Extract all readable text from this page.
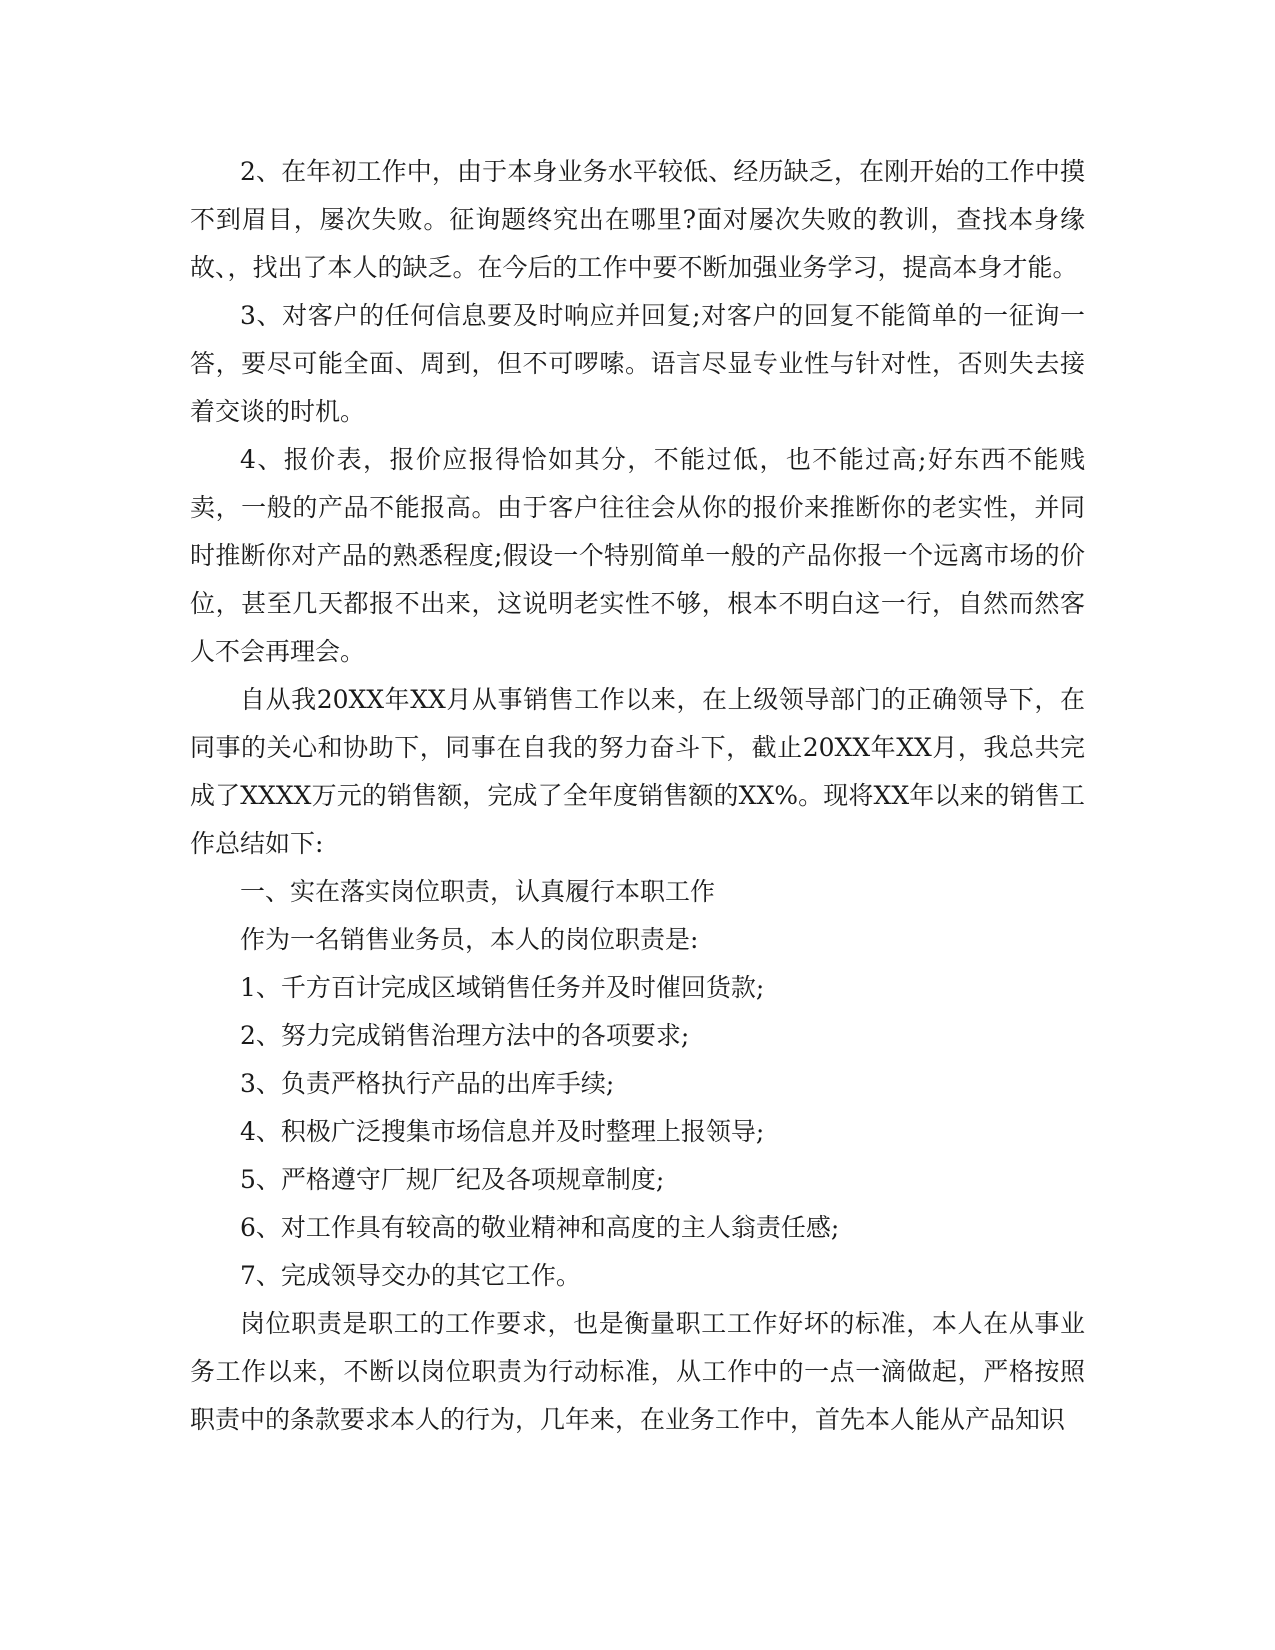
2、在年初工作中，由于本身业务水平较低、经历缺乏，在刚开始的工作中摸不到眉目，屡次失败。征询题终究出在哪里?面对屡次失败的教训，查找本身缘故、，找出了本人的缺乏。在今后的工作中要不断加强业务学习，提高本身才能。

3、对客户的任何信息要及时响应并回复;对客户的回复不能简单的一征询一答，要尽可能全面、周到，但不可啰嗦。语言尽显专业性与针对性，否则失去接着交谈的时机。

4、报价表，报价应报得恰如其分，不能过低，也不能过高;好东西不能贱卖，一般的产品不能报高。由于客户往往会从你的报价来推断你的老实性，并同时推断你对产品的熟悉程度;假设一个特别简单一般的产品你报一个远离市场的价位，甚至几天都报不出来，这说明老实性不够，根本不明白这一行，自然而然客人不会再理会。

自从我20XX年XX月从事销售工作以来，在上级领导部门的正确领导下，在同事的关心和协助下，同事在自我的努力奋斗下，截止20XX年XX月，我总共完成了XXXX万元的销售额，完成了全年度销售额的XX%。现将XX年以来的销售工作总结如下:

一、实在落实岗位职责，认真履行本职工作

作为一名销售业务员，本人的岗位职责是:

1、千方百计完成区域销售任务并及时催回货款;

2、努力完成销售治理方法中的各项要求;

3、负责严格执行产品的出库手续;

4、积极广泛搜集市场信息并及时整理上报领导;

5、严格遵守厂规厂纪及各项规章制度;

6、对工作具有较高的敬业精神和高度的主人翁责任感;

7、完成领导交办的其它工作。

岗位职责是职工的工作要求，也是衡量职工工作好坏的标准，本人在从事业务工作以来，不断以岗位职责为行动标准，从工作中的一点一滴做起，严格按照职责中的条款要求本人的行为，几年来，在业务工作中，首先本人能从产品知识
